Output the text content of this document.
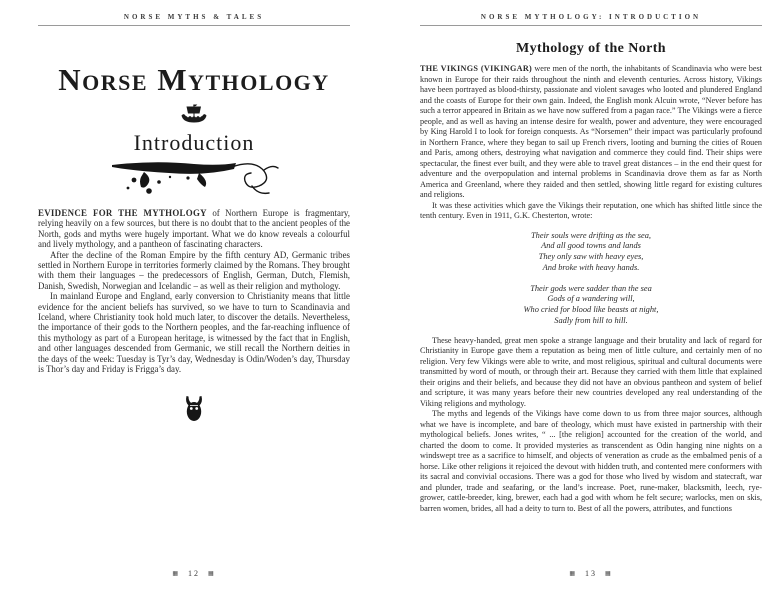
NORSE MYTHS & TALES
Norse Mythology
Introduction

EVIDENCE FOR THE MYTHOLOGY of Northern Europe is fragmentary, relying heavily on a few sources, but there is no doubt that to the ancient peoples of the North, gods and myths were hugely important. What we do know reveals a colourful and lively mythology, and a pantheon of fascinating characters.

After the decline of the Roman Empire by the fifth century AD, Germanic tribes settled in Northern Europe in territories formerly claimed by the Romans. They brought with them their languages – the predecessors of English, German, Dutch, Flemish, Danish, Swedish, Norwegian and Icelandic – as well as their religion and mythology.

In mainland Europe and England, early conversion to Christianity means that little evidence for the ancient beliefs has survived, so we have to turn to Scandinavia and Iceland, where Christianity took hold much later, to discover the details. Nevertheless, the importance of their gods to the Northern peoples, and the far-reaching influence of this mythology as part of a European heritage, is witnessed by the fact that in English, and other languages descended from Germanic, we still recall the Northern deities in the days of the week: Tuesday is Tyr’s day, Wednesday is Odin/Woden’s day, Thursday is Thor’s day and Friday is Frigga’s day.

▦ 12 ▦
NORSE MYTHOLOGY: INTRODUCTION
Mythology of the North

THE VIKINGS (VIKINGAR) were men of the north, the inhabitants of Scandinavia who were best known in Europe for their raids throughout the ninth and eleventh centuries. Across history, Vikings have been portrayed as blood-thirsty, passionate and violent savages who looted and plundered England and the coasts of Europe for their own gain. Indeed, the English monk Alcuin wrote, “Never before has such a terror appeared in Britain as we have now suffered from a pagan race.” The Vikings were a fierce people, and as well as having an intense desire for wealth, power and adventure, they were encouraged by King Harold I to look for foreign conquests. As “Norsemen” their impact was particularly profound in Northern France, where they began to sail up French rivers, looting and burning the cities of Rouen and Paris, among others, destroying what navigation and commerce they could find. Their ships were spectacular, the finest ever built, and they were able to travel great distances – in the end their quest for adventure and the overpopulation and internal problems in Scandinavia drove them as far as North America and Greenland, where they raided and then settled, showing little regard for existing cultures and religions.

It was these activities which gave the Vikings their reputation, one which has shifted little since the tenth century. Even in 1911, G.K. Chesterton, wrote:

Their souls were drifting as the sea,
And all good towns and lands
They only saw with heavy eyes,
And broke with heavy hands.
Their gods were sadder than the sea
Gods of a wandering will,
Who cried for blood like beasts at night,
Sadly from hill to hill.

These heavy-handed, great men spoke a strange language and their brutality and lack of regard for Christianity in Europe gave them a reputation as being men of little culture, and certainly men of no religion. Very few Vikings were able to write, and most religious, spiritual and cultural documents were transmitted by word of mouth, or through their art. Because they carried with them little that explained their origins and their beliefs, and because they did not have an obvious pantheon and system of belief and scripture, it was many years before their new countries developed any real understanding of the Viking religions and mythology.

The myths and legends of the Vikings have come down to us from three major sources, although what we have is incomplete, and bare of theology, which must have existed in partnership with their mythological beliefs. Jones writes, “ ... [the religion] accounted for the creation of the world, and charted the doom to come. It provided mysteries as transcendent as Odin hanging nine nights on a windswept tree as a sacrifice to himself, and objects of veneration as crude as the embalmed penis of a horse. Like other religions it rejoiced the devout with hidden truth, and contented mere conformers with its sacral and convivial occasions. There was a god for those who lived by wisdom and statecraft, war and plunder, trade and seafaring, or the land’s increase. Poet, rune-maker, blacksmith, leech, rye-grower, cattle-breeder, king, brewer, each had a god with whom he felt secure; warlocks, men on skis, barren women, brides, all had a deity to turn to. Best of all the powers, attributes, and functions

▦ 13 ▦
